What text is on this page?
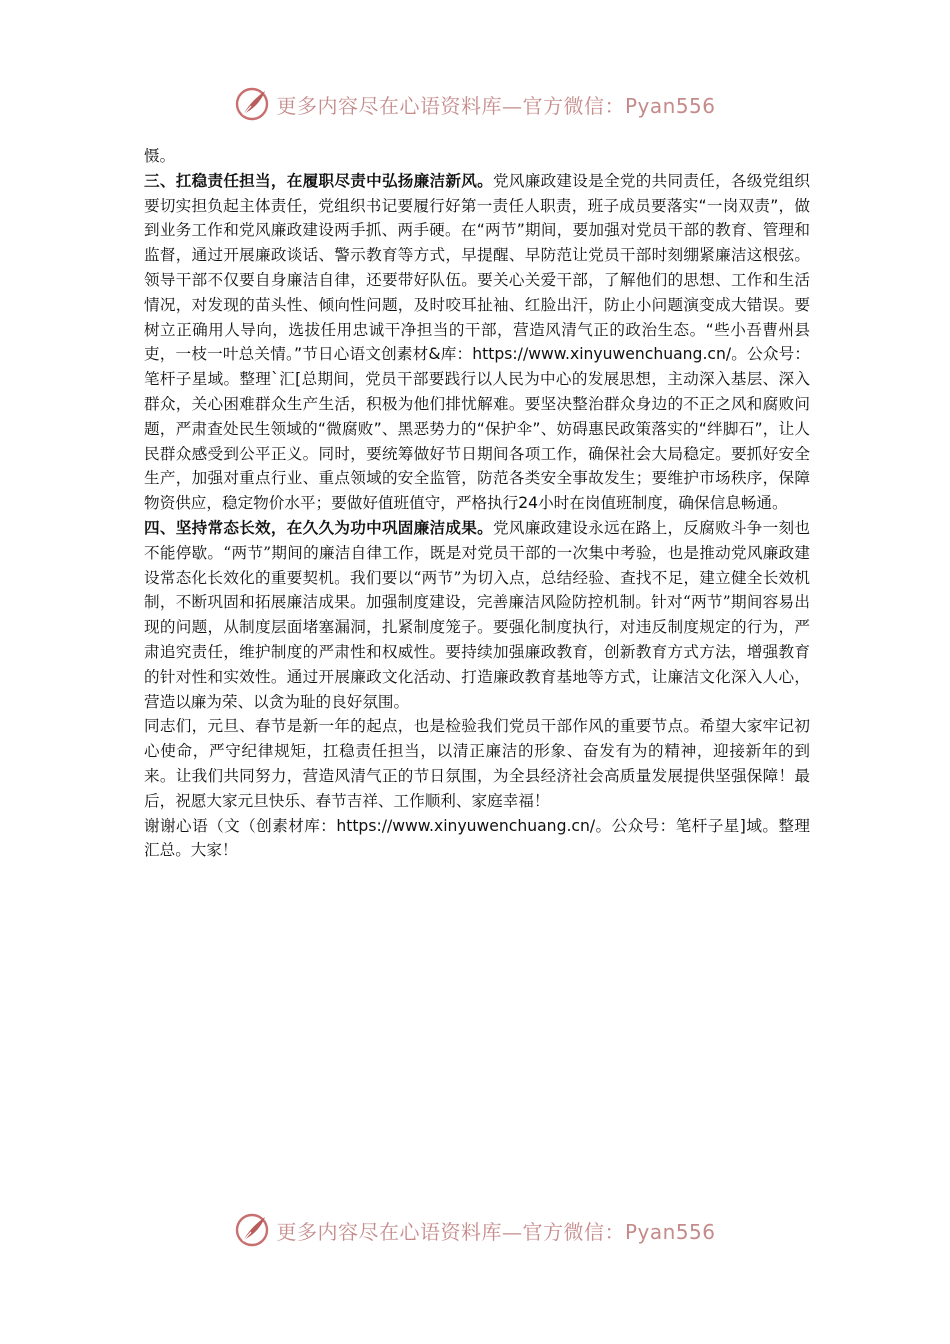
更多内容尽在心语资料库—官方微信：Pyan556

慑。

三、扛稳责任担当，在履职尽责中弘扬廉洁新风。党风廉政建设是全党的共同责任，各级党组织要切实担负起主体责任，党组织书记要履行好第一责任人职责，班子成员要落实“一岗双责”，做到业务工作和党风廉政建设两手抓、两手硬。在“两节”期间，要加强对党员干部的教育、管理和监督，通过开展廉政谈话、警示教育等方式，早提醒、早防范让党员干部时刻绷紧廉洁这根弦。领导干部不仅要自身廉洁自律，还要带好队伍。要关心关爱干部，了解他们的思想、工作和生活情况，对发现的苗头性、倾向性问题，及时咬耳扯袖、红脸出汗，防止小问题演变成大错误。要树立正确用人导向，选拔任用忠诚干净担当的干部，营造风清气正的政治生态。“些小吾曹州县吏，一枝一叶总关情。”节日心语文创素材&库：https://www.xinyuwenchuang.cn/。公众号：笔杆子星域。整理`汇[总期间，党员干部要践行以人民为中心的发展思想，主动深入基层、深入群众，关心困难群众生产生活，积极为他们排忧解难。要坚决整治群众身边的不正之风和腐败问题，严肃查处民生领域的“微腐败”、黑恶势力的“保护伞”、妨碍惠民政策落实的“绊脚石”，让人民群众感受到公平正义。同时，要统筹做好节日期间各项工作，确保社会大局稳定。要抓好安全生产，加强对重点行业、重点领域的安全监管，防范各类安全事故发生；要维护市场秩序，保障物资供应，稳定物价水平；要做好值班值守，严格执行24小时在岗值班制度，确保信息畅通。

四、坚持常态长效，在久久为功中巩固廉洁成果。党风廉政建设永远在路上，反腐败斗争一刻也不能停歇。“两节”期间的廉洁自律工作，既是对党员干部的一次集中考验，也是推动党风廉政建设常态化长效化的重要契机。我们要以“两节”为切入点，总结经验、查找不足，建立健全长效机制，不断巩固和拓展廉洁成果。加强制度建设，完善廉洁风险防控机制。针对“两节”期间容易出现的问题，从制度层面堵塞漏洞，扎紧制度笼子。要强化制度执行，对违反制度规定的行为，严肃追究责任，维护制度的严肃性和权威性。要持续加强廉政教育，创新教育方式方法，增强教育的针对性和实效性。通过开展廉政文化活动、打造廉政教育基地等方式，让廉洁文化深入人心，营造以廉为荣、以贪为耻的良好氛围。

同志们，元旦、春节是新一年的起点，也是检验我们党员干部作风的重要节点。希望大家牢记初心使命，严守纪律规矩，扛稳责任担当，以清正廉洁的形象、奋发有为的精神，迎接新年的到来。让我们共同努力，营造风清气正的节日氛围，为全县经济社会高质量发展提供坚强保障！最后，祝愿大家元旦快乐、春节吉祥、工作顺利、家庭幸福！

谢谢心语（文（创素材库：https://www.xinyuwenchuang.cn/。公众号：笔杆子星]域。整理汇总。大家！

更多内容尽在心语资料库—官方微信：Pyan556
